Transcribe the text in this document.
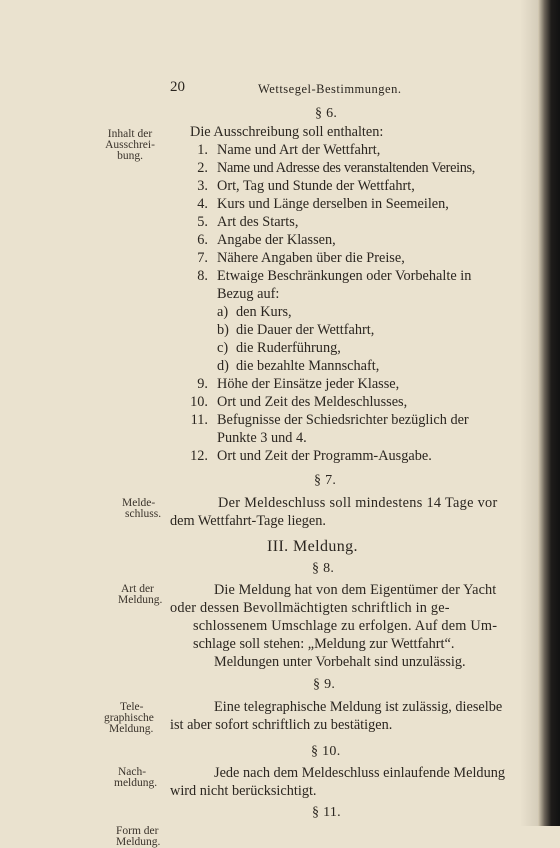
20	Wettsegel-Bestimmungen.
§ 6.
Inhalt der
Ausschrei-
bung.
Die Ausschreibung soll enthalten:
1. Name und Art der Wettfahrt,
2. Name und Adresse des veranstaltenden Vereins,
3. Ort, Tag und Stunde der Wettfahrt,
4. Kurs und Länge derselben in Seemeilen,
5. Art des Starts,
6. Angabe der Klassen,
7. Nähere Angaben über die Preise,
8. Etwaige Beschränkungen oder Vorbehalte in
Bezug auf:
a) den Kurs,
b) die Dauer der Wettfahrt,
c) die Ruderführung,
d) die bezahlte Mannschaft,
9. Höhe der Einsätze jeder Klasse,
10. Ort und Zeit des Meldeschlusses,
11. Befugnisse der Schiedsrichter bezüglich der
Punkte 3 und 4.
12. Ort und Zeit der Programm-Ausgabe.
§ 7.
Melde-
schluss.
Der Meldeschluss soll mindestens 14 Tage vor
dem Wettfahrt-Tage liegen.
III. Meldung.
§ 8.
Art der
Meldung.
Die Meldung hat von dem Eigentümer der Yacht
oder dessen Bevollmächtigten schriftlich in ge-
schlossenem Umschlage zu erfolgen. Auf dem Um-
schlage soll stehen: „Meldung zur Wettfahrt“.
Meldungen unter Vorbehalt sind unzulässig.
§ 9.
Tele-
graphische
Meldung.
Eine telegraphische Meldung ist zulässig, dieselbe
ist aber sofort schriftlich zu bestätigen.
§ 10.
Nach-
meldung.
Jede nach dem Meldeschluss einlaufende Meldung
wird nicht berücksichtigt.
§ 11.
Form der
Meldung.
